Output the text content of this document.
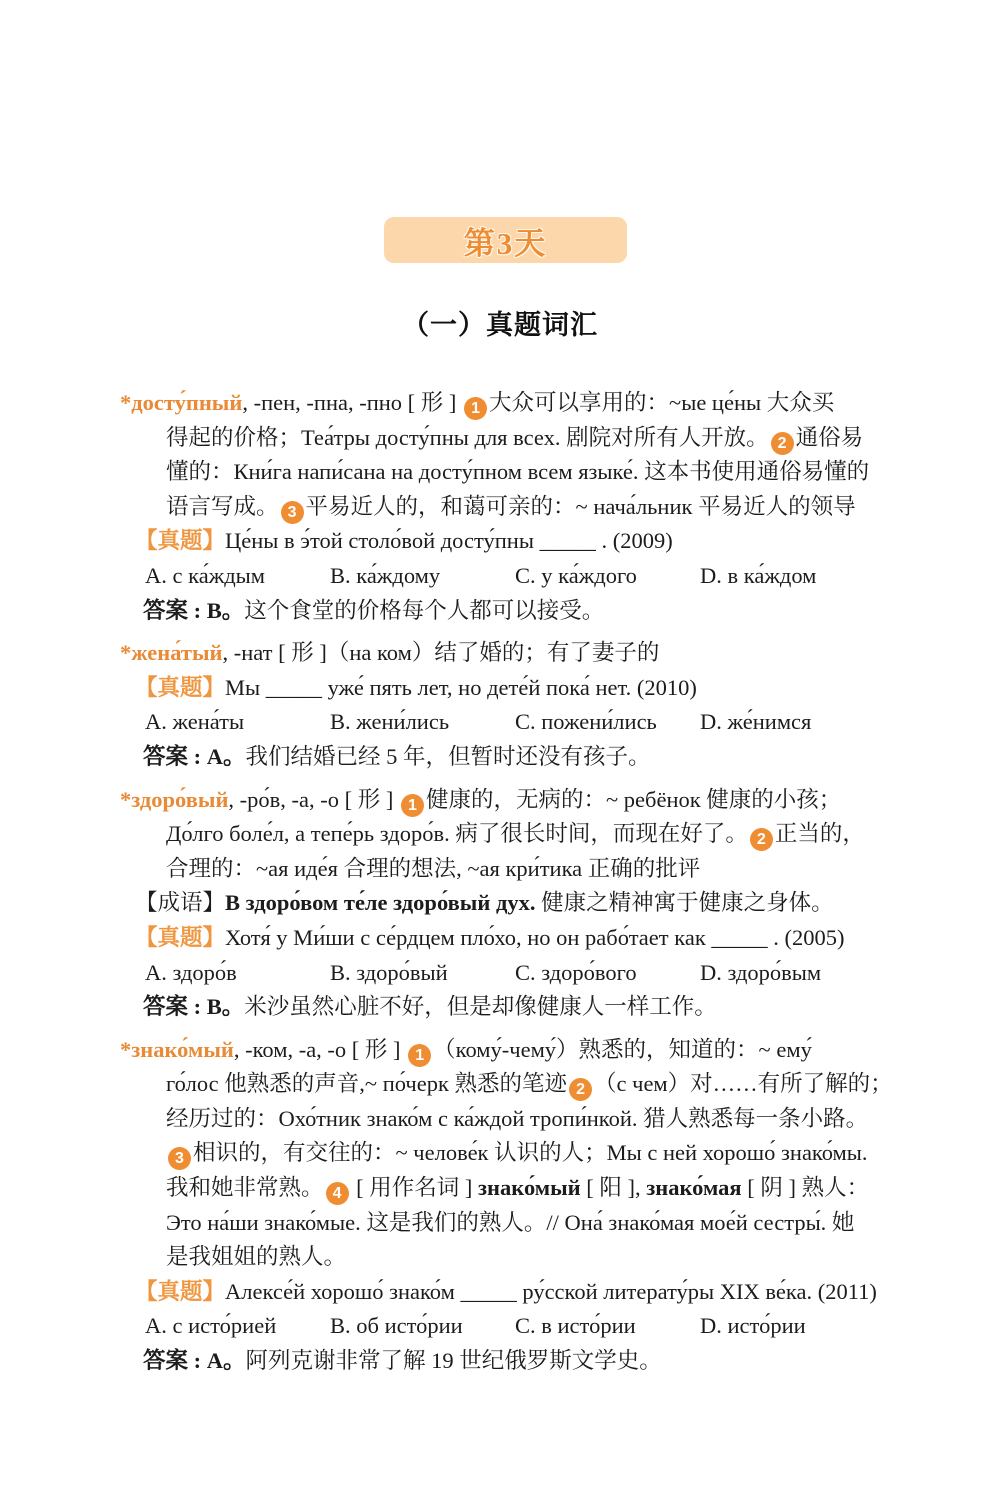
第3天
（一）真题词汇
*досту́пный, -пен, -пна, -пно [ 形 ] 1 大众可以享用的：~ые це́ны 大众买
得起的价格；Теа́тры досту́пны для всех. 剧院对所有人开放。 2 通俗易
懂的：Кни́га напи́сана на досту́пном всем языке́. 这本书使用通俗易懂的
语言写成。 3 平易近人的，和蔼可亲的：~ нача́льник 平易近人的领导
【真题】Це́ны в э́той столо́вой досту́пны _____ . (2009)
A. с ка́ждым	B. ка́ждому	C. у ка́ждого	D. в ка́ждом
答案 : B。这个食堂的价格每个人都可以接受。
*жена́тый, -нат [ 形 ]（на ком）结了婚的；有了妻子的
【真题】Мы _____ уже́ пять лет, но дете́й пока́ нет. (2010)
A. жена́ты	B. жени́лись	C. пожени́лись	D. же́нимся
答案 : A。我们结婚已经 5 年，但暂时还没有孩子。
*здоро́вый, -ро́в, -а, -о [ 形 ] 1 健康的，无病的：~ ребёнок 健康的小孩；
До́лго боле́л, а тепе́рь здоро́в. 病了很长时间，而现在好了。 2 正当的，
合理的：~ая иде́я 合理的想法, ~ая кри́тика 正确的批评
【成语】В здоро́вом те́ле здоро́вый дух. 健康之精神寓于健康之身体。
【真题】Хотя́ у Ми́ши с се́рдцем пло́хо, но он рабо́тает как _____ . (2005)
A. здоро́в	B. здоро́вый	C. здоро́вого	D. здоро́вым
答案 : B。米沙虽然心脏不好，但是却像健康人一样工作。
*знако́мый, -ком, -а, -о [ 形 ] 1 （кому́-чему́）熟悉的，知道的：~ ему́
го́лос 他熟悉的声音,~ по́черк 熟悉的笔迹 2 （с чем）对……有所了解的；
经历过的：Охо́тник знако́м с ка́ждой тропи́нкой. 猎人熟悉每一条小路。
3 相识的，有交往的：~ челове́к 认识的人；Мы с ней хорошо́ знако́мы.
我和她非常熟。 4 [ 用作名词 ] знако́мый [ 阳 ], знако́мая [ 阴 ] 熟人：
Это на́ши знако́мые. 这是我们的熟人。// Она́ знако́мая мое́й сестры́. 她
是我姐姐的熟人。
【真题】Алексе́й хорошо́ знако́м _____ ру́сской литерату́ры XIX ве́ка. (2011)
A. с исто́рией	B. об исто́рии	C. в исто́рии	D. исто́рии
答案 : A。阿列克谢非常了解 19 世纪俄罗斯文学史。
